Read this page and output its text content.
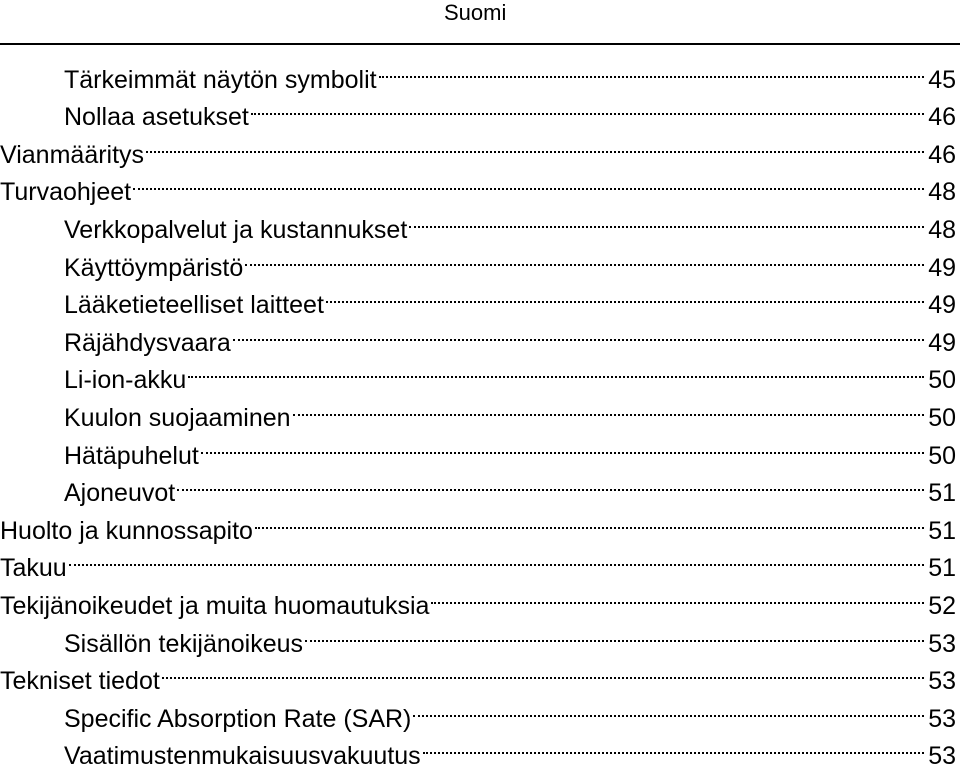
Suomi
Tärkeimmät näytön symbolit	45
Nollaa asetukset	46
Vianmääritys	46
Turvaohjeet	48
Verkkopalvelut ja kustannukset	48
Käyttöympäristö	49
Lääketieteelliset laitteet	49
Räjähdysvaara	49
Li-ion-akku	50
Kuulon suojaaminen	50
Hätäpuhelut	50
Ajoneuvot	51
Huolto ja kunnossapito	51
Takuu	51
Tekijänoikeudet ja muita huomautuksia	52
Sisällön tekijänoikeus	53
Tekniset tiedot	53
Specific Absorption Rate (SAR)	53
Vaatimustenmukaisuusvakuutus	53
